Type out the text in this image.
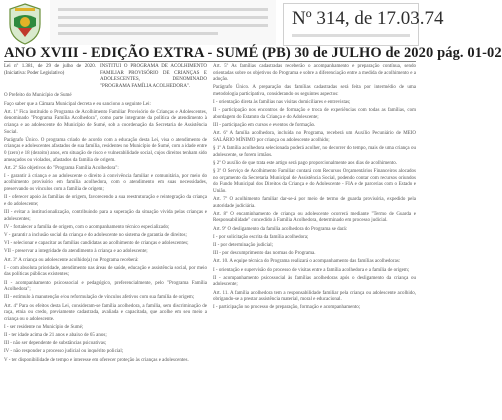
Nº 314, de 17.03.74
ANO XVIII - EDIÇÃO EXTRA - SUMÉ (PB) 30 de JULHO de 2020 pág. 01-02
Lei nº 1.381, de 29 de julho de 2020. (Iniciativa: Poder Legislativo)
INSTITUI O PROGRAMA DE ACOLHIMENTO FAMILIAR PROVISÓRIO DE CRIANÇAS E ADOLESCENTES, DENOMINADO "PROGRAMA FAMÍLIA ACOLHEDORA".

O Prefeito do Município de Sumé

Faço saber que a Câmara Municipal decreta e eu sanciono a seguinte Lei:

Art. 1º Fica instituído o Programa de Acolhimento Familiar Provisório de Crianças e Adolescentes, denominado "Programa Família Acolhedora", como parte integrante da política de atendimento à criança e ao adolescente do Município de Sumé, sob a coordenação da Secretaria de Assistência Social.

Parágrafo Único. O programa criado de acordo com a educação desta Lei, visa o atendimento de crianças e adolescentes afastados de sua família, residentes no Município de Sumé, com a idade entre 0 (zero) e 18 (dezoito) anos, em situação de risco e vulnerabilidade social, cujos direitos tenham sido ameaçados ou violados, afastados da família de origem.

Art. 2º São objetivos do "Programa Família Acolhedora":

I - garantir à criança e ao adolescente o direito à convivência familiar e comunitária, por meio do acolhimento provisório em família acolhedora, com o atendimento em suas necessidades, preservando os vínculos com a família de origem;

II - oferecer apoio às famílias de origem, favorecendo a sua reestruturação e reintegração da criança e do adolescente;

III - evitar a institucionalização, contribuindo para a superação da situação vivida pelas crianças e adolescentes;

IV - fortalecer a família de origem, com o acompanhamento técnico especializado;

V - garantir a inclusão social da criança e do adolescente no sistema de garantia de direitos;

VI - selecionar e capacitar as famílias candidatas ao acolhimento de crianças e adolescentes;

VII - preservar a integridade do atendimento à criança e ao adolescente;

Art. 3º A criança ou adolescente acolhido(a) no Programa receberá:

I - com absoluta prioridade, atendimento nas áreas de saúde, educação e assistência social, por meio das políticas públicas existentes;

II - acompanhamento psicossocial e pedagógico, preferencialmente, pelo "Programa Família Acolhedora";

III - estímulo à manutenção e/ou reformulação de vínculos afetivos com sua família de origem;

Art. 4º Para os efeitos desta Lei, consideram-se família acolhedora, a família, sem discriminação de raça, etnia ou credo, previamente cadastrada, avaliada e capacitada, que acolhe em seu meio a criança ou o adolescente.

I - ser residente no Município de Sumé;

II - ter idade acima de 21 anos e abaixo de 65 anos;

III - não ser dependente de substâncias psicoativas;

IV - não responder a processo judicial ou inquérito policial;

V - ter disponibilidade de tempo e interesse em oferecer proteção às crianças e adolescentes.

Art. 5º As famílias cadastradas receberão o acompanhamento e preparação contínua, sendo orientadas sobre os objetivos do Programa e sobre a diferenciação entre a medida de acolhimento e a adoção.

Parágrafo Único. A preparação das famílias cadastradas será feita por intermédio de uma metodologia participativa, considerando os seguintes aspectos:

I - orientação direta às famílias nas visitas domiciliares e entrevistas;

II - participação nos encontros de formação e troca de experiências com todas as famílias, com abordagem do Estatuto da Criança e do Adolescente;

III - participação em cursos e eventos de formação.

Art. 6º A família acolhedora, incluída no Programa, receberá um Auxílio Pecuniário de MEIO SALÁRIO MÍNIMO por criança ou adolescente acolhido;

§ 1º A família acolhedora selecionada poderá acolher, no decorrer do tempo, mais de uma criança ou adolescente, se forem irmãos.

§ 2º O auxílio de que trata este artigo será pago proporcionalmente aos dias de acolhimento.

§ 3º O Serviço de Acolhimento Familiar contará com Recursos Orçamentários Financeiros alocados no orçamento da Secretaria Municipal de Assistência Social, podendo contar com recursos oriundos do Fundo Municipal dos Direitos da Criança e do Adolescente - FIA e de parcerias com o Estado e União.

Art. 7º O acolhimento familiar dar-se-á por meio de termo de guarda provisória, expedido pela autoridade judiciária.

Art. 8º O encaminhamento de criança ou adolescente ocorrerá mediante "Termo de Guarda e Responsabilidade" concedido à Família Acolhedora, determinado em processo judicial.

Art. 9º O desligamento da família acolhedora do Programa se dará:

I - por solicitação escrita da família acolhedora;

II - por determinação judicial;

III - por descumprimento das normas do Programa.

Art. 10. A equipe técnica do Programa realizará o acompanhamento das famílias acolhedoras:

I - orientação e supervisão do processo de visitas entre a família acolhedora e a família de origem;

II - acompanhamento psicossocial às famílias acolhedoras após o desligamento da criança ou adolescente;

Art. 11. A família acolhedora tem a responsabilidade familiar pela criança ou adolescente acolhido, obrigando-se a prestar assistência material, moral e educacional.

I - participação no processo de preparação, formação e acompanhamento;
